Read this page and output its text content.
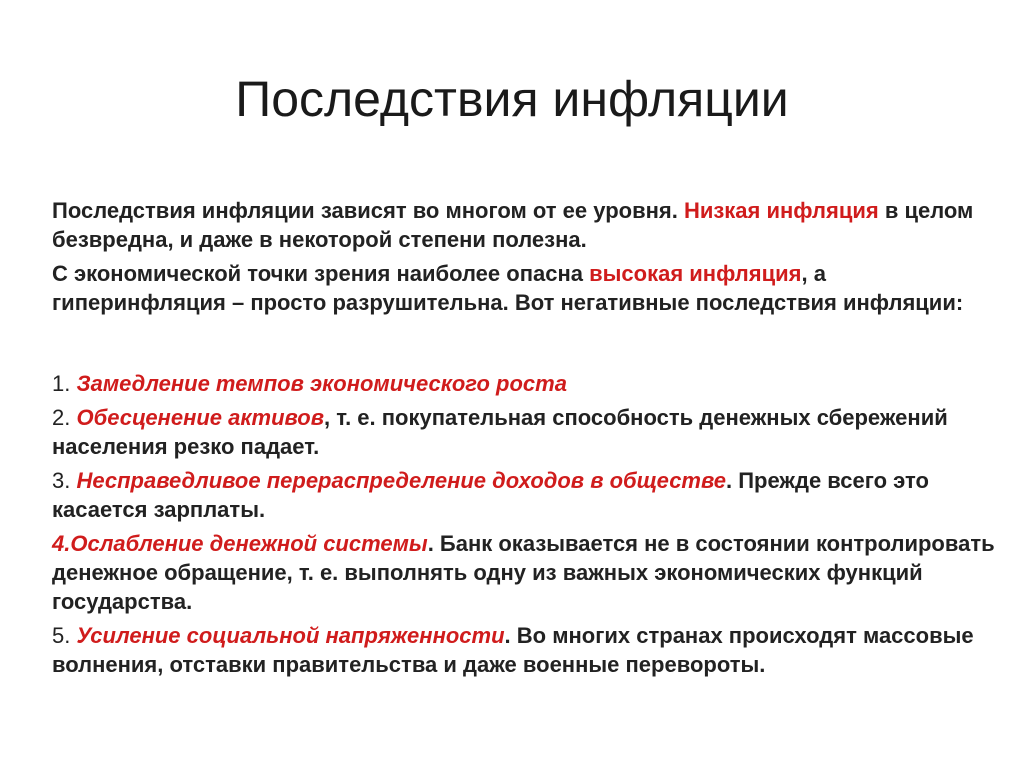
Последствия инфляции

Последствия инфляции зависят во многом от ее уровня. Низкая инфляция в целом безвредна, и даже в некоторой степени полезна.

С экономической точки зрения наиболее опасна высокая инфляция, а гиперинфляция – просто разрушительна. Вот негативные последствия инфляции:

1. Замедление темпов экономического роста

2. Обесценение активов, т. е. покупательная способность денежных сбережений населения резко падает.

3. Несправедливое перераспределение доходов в обществе. Прежде всего это касается зарплаты.

4.Ослабление денежной системы. Банк оказывается не в состоянии контролировать денежное обращение, т. е. выполнять одну из важных экономических функций государства.

5. Усиление социальной напряженности. Во многих странах происходят массовые волнения, отставки правительства и даже военные перевороты.
